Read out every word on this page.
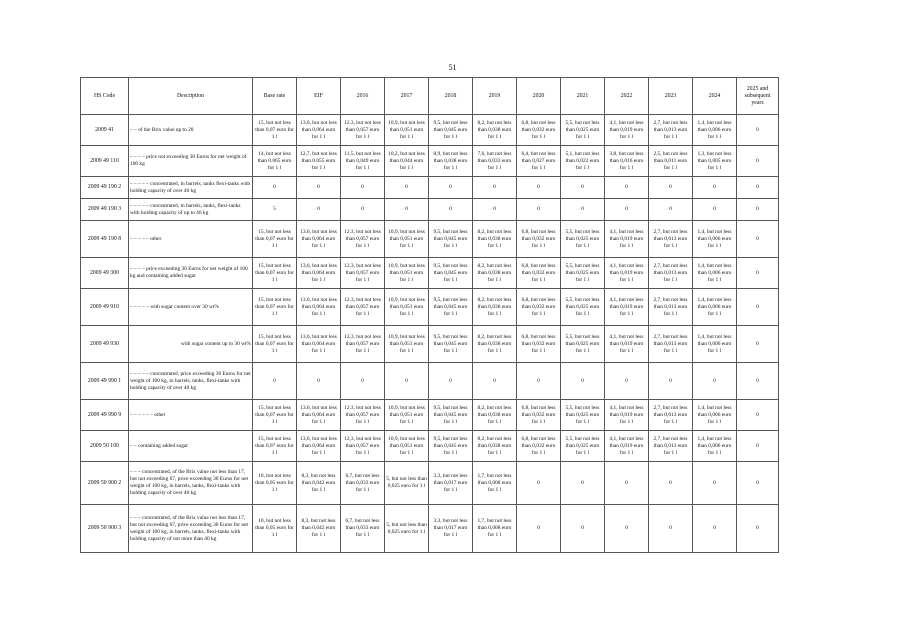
51
HS Code	Description	Base rate	EIF	2016	2017	2018	2019	2020	2021	2022	2023	2024	2025 and subsequent years
2009 41	– – of the Brix value up to 20	15, but not less than 0,07 euro for 1 l	13.6, but not less than 0,064 euro for 1 l	12.3, but not less than 0,057 euro for 1 l	10,9, but not less than 0,051 euro for 1 l	9,5, but not less than 0,045 euro for 1 l	8,2, but not less than 0,038 euro for 1 l	6,8, but not less than 0,032 euro for 1 l	5,5, but not less than 0,025 euro for 1 l	4,1, but not less than 0,019 euro for 1 l	2,7, but not less than 0,013 euro for 1 l	1,4, but not less than 0,006 euro for 1 l	0
2009 49 110	– – – – price not exceeding 30 Euros for net weight of 100 kg	14, but not less than 0.065 euro for 1 l	12,7, but not less than 0.055 euro for 1 l	11,5, but not less than 0,049 euro for 1 l	10,2, but not less than 0,044 euro for 1 l	8,9, but not less than 0,038 euro for 1 l	7,6, but not less than 0,033 euro for 1 l	6,4, but not less than 0,027 euro for 1 l	5,1, but not less than 0,022 euro for 1 l	3,8, but not less than 0,016 euro for 1 l	2,5, but not less than 0,011 euro for 1 l	1,3, but not less than 0,005 euro for 1 l	0
2009 49 190 2	– – – – – concentrated, in barrels, tanks flexi-tanks with holding capacity of over 40 kg	0	0	0	0	0	0	0	0	0	0	0	0
2009 49 190 3	– – – – – concentrated, in barrels, tanks, flexi-tanks with holding capacity of up to 40 kg	5	0	0	0	0	0	0	0	0	0	0	0
2009 49 190 8	– – – – – other	15, but not less than 0,07 euro for 1 l	13.6, but not less than 0,064 euro for 1 l	12.3, but not less than 0,057 euro for 1 l	10,9, but not less than 0,051 euro for 1 l	9,5, but not less than 0,045 euro for 1 l	8,2, but not less than 0,038 euro for 1 l	6,8, but not less than 0,032 euro for 1 l	5,5, but not less than 0,025 euro for 1 l	4,1, but not less than 0,019 euro for 1 l	2,7, but not less than 0,013 euro for 1 l	1,4, but not less than 0,006 euro for 1 l	0
2009 49 300	– – – – price exceeding 30 Euros for net weight of 100 kg and containing added sugar	15, but not less than 0,07 euro for 1 l	13,6, but not less than 0,064 euro for 1 l	12,3, but not less than 0,057 euro for 1 l	10,9, but not less than 0,051 euro for 1 l	9,5, but not less than 0,045 euro for 1 l	8,2, but not less than 0,038 euro for 1 l	6,8, but not less than 0,032 euro for 1 l	5,5, but not less than 0,025 euro for 1 l	4,1, but not less than 0,019 euro for 1 l	2,7, but not less than 0,013 euro for 1 l	1,4, but not less than 0,006 euro for 1 l	0
2009 49 910	– – – – – with sugar content over 30 wt%	15, but not less than 0,07 euro for 1 l	13.6, but not less than 0,064 euro for 1 l	12.3, but not less than 0,057 euro for 1 l	10,9, but not less than 0,051 euro for 1 l	9,5, but not less than 0,045 euro for 1 l	8,2, but not less than 0,038 euro for 1 l	6,8, but not less than 0,032 euro for 1 l	5,5, but not less than 0,025 euro for 1 l	4,1, but not less than 0,019 euro for 1 l	2,7, but not less than 0,013 euro for 1 l	1,4, but not less than 0,006 euro for 1 l	0
2009 49 930	with sugar content up to 30 wt%	15, but not less than 0,07 euro for 1 l	13,6, but not less than 0,064 euro for 1 l	12,3, but not less than 0,057 euro for 1 l	10,9, but not less than 0,051 euro for 1 l	9,5, but not less than 0,045 euro for 1 l	8,2, but not less than 0,038 euro for 1 l	6,8, but not less than 0,032 euro for 1 l	5,5, but not less than 0,025 euro for 1 l	4,1, but not less than 0,019 euro for 1 l	2,7, but not less than 0,013 euro for 1 l	1,4, but not less than 0,006 euro for 1 l	0
2009 49 990 1	– – – – – concentrated, price exceeding 30 Euros for net weight of 100 kg, in barrels, tanks, flexi-tanks with holding capacity of over 40 kg	0	0	0	0	0	0	0	0	0	0	0	0
2009 49 990 9	– – – – – – other	15, but not less than 0,07 euro for 1 l	13.6, but not less than 0,064 euro for 1 l	12.3, but not less than 0,057 euro for 1 l	10,9, but not less than 0,051 euro for 1 l	9,5, but not less than 0,045 euro for 1 l	8,2, but not less than 0,038 euro for 1 l	6,8, but not less than 0,032 euro for 1 l	5,5, but not less than 0,025 euro for 1 l	4,1, but not less than 0,019 euro for 1 l	2,7, but not less than 0,013 euro for 1 l	1,4, but not less than 0,006 euro for 1 l	0
2009 50 100	– – containing added sugar	15, but not less than 0,07 euro for 1 l	13,6, but not less than 0,064 euro for 1 l	12,3, but not less than 0,057 euro for 1 l	10,9, but not less than 0,051 euro for 1 l	9,5, but not less than 0,045 euro for 1 l	8,2, but not less than 0,038 euro for 1 l	6,8, but not less than 0,032 euro for 1 l	5,5, but not less than 0,025 euro for 1 l	4,1, but not less than 0,019 euro for 1 l	2,7, but not less than 0,013 euro for 1 l	1,4, but not less than 0,006 euro for 1 l	0
2009 50 900 2	– – – concentrated, of the Brix value not less than 17, but not exceeding 67, price exceeding 30 Euros for net weight of 100 kg, in barrels, tanks, flexi-tanks with holding capacity of over 40 kg	10, but not less than 0,05 euro for 1 l	8,3, but not less than 0,042 euro for 1 l	6,7, but not less than 0,033 euro for 1 l	5, but not less than 0,025 euro for 1 l	3,3, but not less than 0,017 euro for 1 l	1,7, but not less than 0,008 euro for 1 l	0	0	0	0	0	0
2009 50 900 3	– – – concentrated, of the Brix value not less than 17, but not exceeding 67, price exceeding 30 Euros for net weight of 100 kg, in barrels, tanks, flexi-tanks with holding capacity of not more than 40 kg	10, but not less than 0,05 euro for 1 l	8,3, but not less than 0,042 euro for 1 l	6,7, but not less than 0,033 euro for 1 l	5, but not less than 0,025 euro for 1 l	3,3, but not less than 0,017 euro for 1 l	1,7, but not less than 0,008 euro for 1 l	0	0	0	0	0	0
